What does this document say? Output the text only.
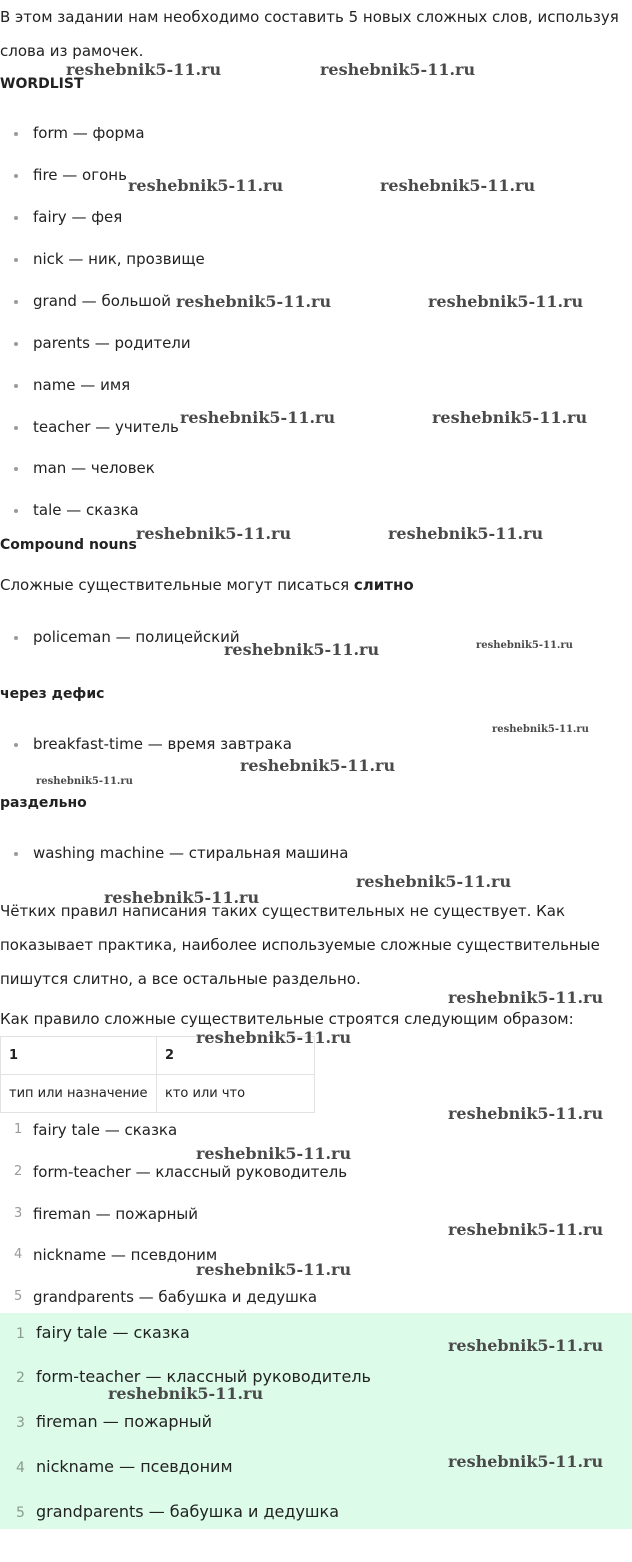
В этом задании нам необходимо составить 5 новых сложных слов, используя
слова из рамочек.
WORDLIST
form — форма
fire — огонь
fairy — фея
nick — ник, прозвище
grand — большой
parents — родители
name — имя
teacher — учитель
man — человек
tale — сказка
Compound nouns
Сложные существительные могут писаться слитно
policeman — полицейский
через дефис
breakfast-time — время завтрака
раздельно
washing machine — стиральная машина
Чётких правил написания таких существительных не существует. Как
показывает практика, наиболее используемые сложные существительные
пишутся слитно, а все остальные раздельно.
Как правило сложные существительные строятся следующим образом:
1	2
тип или назначение	кто или что
1 fairy tale — сказка
2 form-teacher — классный руководитель
3 fireman — пожарный
4 nickname — псевдоним
5 grandparents — бабушка и дедушка
1 fairy tale — сказка
2 form-teacher — классный руководитель
3 fireman — пожарный
4 nickname — псевдоним
5 grandparents — бабушка и дедушка
reshebnik5-11.ru	reshebnik5-11.ru
reshebnik5-11.ru	reshebnik5-11.ru
reshebnik5-11.ru	reshebnik5-11.ru
reshebnik5-11.ru	reshebnik5-11.ru
reshebnik5-11.ru	reshebnik5-11.ru
reshebnik5-11.ru	reshebnik5-11.ru
reshebnik5-11.ru
reshebnik5-11.ru
reshebnik5-11.ru
reshebnik5-11.ru
reshebnik5-11.ru
reshebnik5-11.ru
reshebnik5-11.ru
reshebnik5-11.ru
reshebnik5-11.ru
reshebnik5-11.ru
reshebnik5-11.ru
reshebnik5-11.ru
reshebnik5-11.ru
reshebnik5-11.ru
